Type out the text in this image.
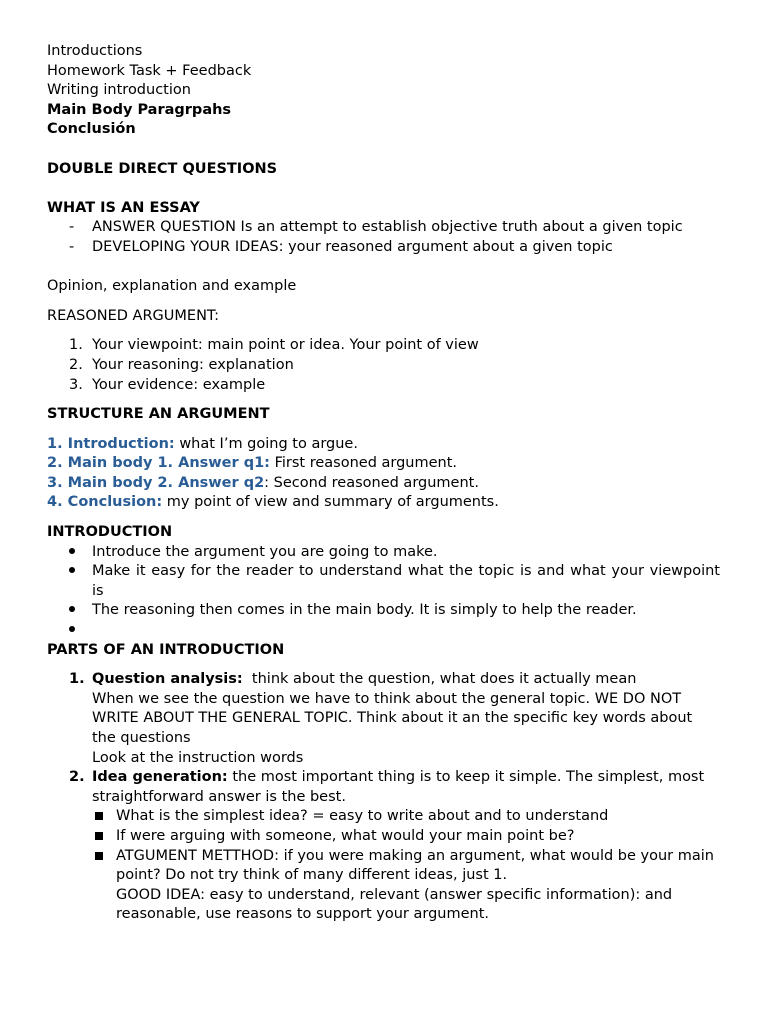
Introductions
Homework Task + Feedback
Writing introduction
Main Body Paragrpahs
Conclusión
DOUBLE DIRECT QUESTIONS
WHAT IS AN ESSAY
-	ANSWER QUESTION Is an attempt to establish objective truth about a given topic
-	DEVELOPING YOUR IDEAS: your reasoned argument about a given topic
Opinion, explanation and example
REASONED ARGUMENT:
1. Your viewpoint: main point or idea. Your point of view
2. Your reasoning: explanation
3. Your evidence: example
STRUCTURE AN ARGUMENT
1. Introduction: what I’m going to argue.
2. Main body 1. Answer q1: First reasoned argument.
3. Main body 2. Answer q2: Second reasoned argument.
4. Conclusion: my point of view and summary of arguments.
INTRODUCTION
Introduce the argument you are going to make.
Make it easy for the reader to understand what the topic is and what your viewpoint is
The reasoning then comes in the main body. It is simply to help the reader.
PARTS OF AN INTRODUCTION
1. Question analysis:  think about the question, what does it actually mean
When we see the question we have to think about the general topic. WE DO NOT WRITE ABOUT THE GENERAL TOPIC. Think about it an the specific key words about the questions
Look at the instruction words
2. Idea generation: the most important thing is to keep it simple. The simplest, most straightforward answer is the best.
What is the simplest idea? = easy to write about and to understand
If were arguing with someone, what would your main point be?
ATGUMENT METTHOD: if you were making an argument, what would be your main point? Do not try think of many different ideas, just 1.
GOOD IDEA: easy to understand, relevant (answer specific information): and reasonable, use reasons to support your argument.
